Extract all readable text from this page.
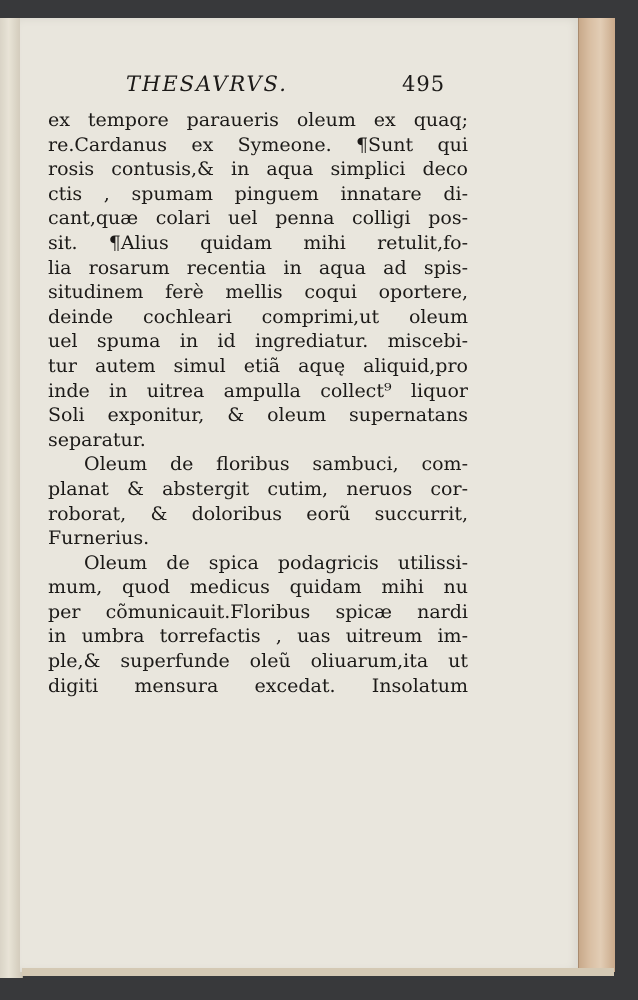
THESAVRVS.	495
ex tempore paraueris oleum ex quaq;
re.Cardanus ex Symeone. ¶Sunt qui
rosis contusis,& in aqua simplici deco
ctis , spumam pinguem innatare di-
cant,quæ colari uel penna colligi pos-
sit. ¶Alius quidam mihi retulit,fo-
lia rosarum recentia in aqua ad spis-
situdinem ferè mellis coqui oportere,
deinde cochleari comprimi,ut oleum
uel spuma in id ingrediatur. miscebi-
tur autem simul etiã aquę aliquid,pro
inde in uitrea ampulla collect⁹ liquor
Soli exponitur, & oleum supernatans
separatur.
Oleum de floribus sambuci, com-
planat & abstergit cutim, neruos cor-
roborat, & doloribus eorũ succurrit,
Furnerius.
Oleum de spica podagricis utilissi-
mum, quod medicus quidam mihi nu
per cõmunicauit.Floribus spicæ nardi
in umbra torrefactis , uas uitreum im-
ple,& superfunde oleũ oliuarum,ita ut
digiti mensura excedat. Insolatum
